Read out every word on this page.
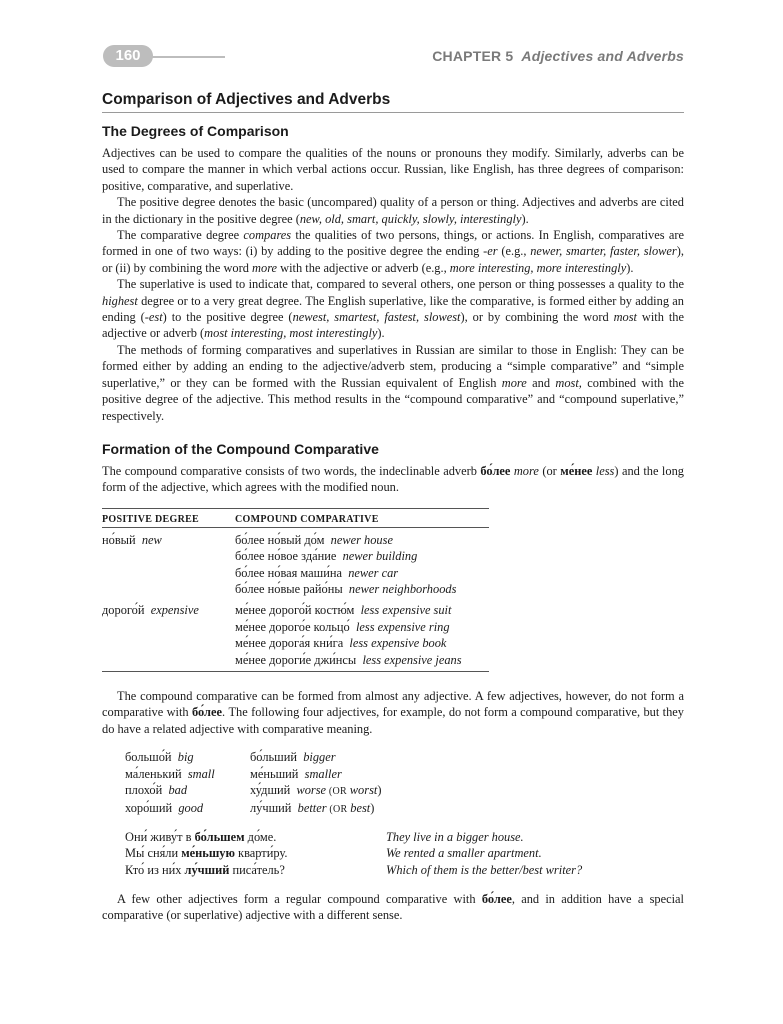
160	CHAPTER 5 Adjectives and Adverbs
Comparison of Adjectives and Adverbs
The Degrees of Comparison

Adjectives can be used to compare the qualities of the nouns or pronouns they modify. Similarly, adverbs can be used to compare the manner in which verbal actions occur. Russian, like English, has three degrees of comparison: positive, comparative, and superlative.

The positive degree denotes the basic (uncompared) quality of a person or thing. Adjectives and adverbs are cited in the dictionary in the positive degree (new, old, smart, quickly, slowly, interestingly).

The comparative degree compares the qualities of two persons, things, or actions. In English, comparatives are formed in one of two ways: (i) by adding to the positive degree the ending -er (e.g., newer, smarter, faster, slower), or (ii) by combining the word more with the adjective or adverb (e.g., more interesting, more interestingly).

The superlative is used to indicate that, compared to several others, one person or thing possesses a quality to the highest degree or to a very great degree. The English superlative, like the comparative, is formed either by adding an ending (-est) to the positive degree (newest, smartest, fastest, slowest), or by combining the word most with the adjective or adverb (most interesting, most interestingly).

The methods of forming comparatives and superlatives in Russian are similar to those in English: They can be formed either by adding an ending to the adjective/adverb stem, producing a “simple comparative” and “simple superlative,” or they can be formed with the Russian equivalent of English more and most, combined with the positive degree of the adjective. This method results in the “compound comparative” and “compound superlative,” respectively.

Formation of the Compound Comparative

The compound comparative consists of two words, the indeclinable adverb бо́лее more (or ме́нее less) and the long form of the adjective, which agrees with the modified noun.

POSITIVE DEGREE	COMPOUND COMPARATIVE
но́вый new	бо́лее но́вый до́м newer house
бо́лее но́вое зда́ние newer building
бо́лее но́вая маши́на newer car
бо́лее но́вые райо́ны newer neighborhoods
дорого́й expensive	ме́нее дорого́й костю́м less expensive suit
ме́нее дорого́е кольцо́ less expensive ring
ме́нее дорога́я кни́га less expensive book
ме́нее дороги́е джи́нсы less expensive jeans

The compound comparative can be formed from almost any adjective. A few adjectives, however, do not form a comparative with бо́лее. The following four adjectives, for example, do not form a compound comparative, but they do have a related adjective with comparative meaning.

большо́й big	бо́льший bigger
ма́ленький small	ме́ньший smaller
плохо́й bad	ху́дший worse (OR worst)
хоро́ший good	лу́чший better (OR best)
Они́ живу́т в бо́льшем до́ме.	They live in a bigger house.
Мы́ сня́ли ме́ньшую кварти́ру.	We rented a smaller apartment.
Кто́ из ни́х лу́чший писа́тель?	Which of them is the better/best writer?

A few other adjectives form a regular compound comparative with бо́лее, and in addition have a special comparative (or superlative) adjective with a different sense.
